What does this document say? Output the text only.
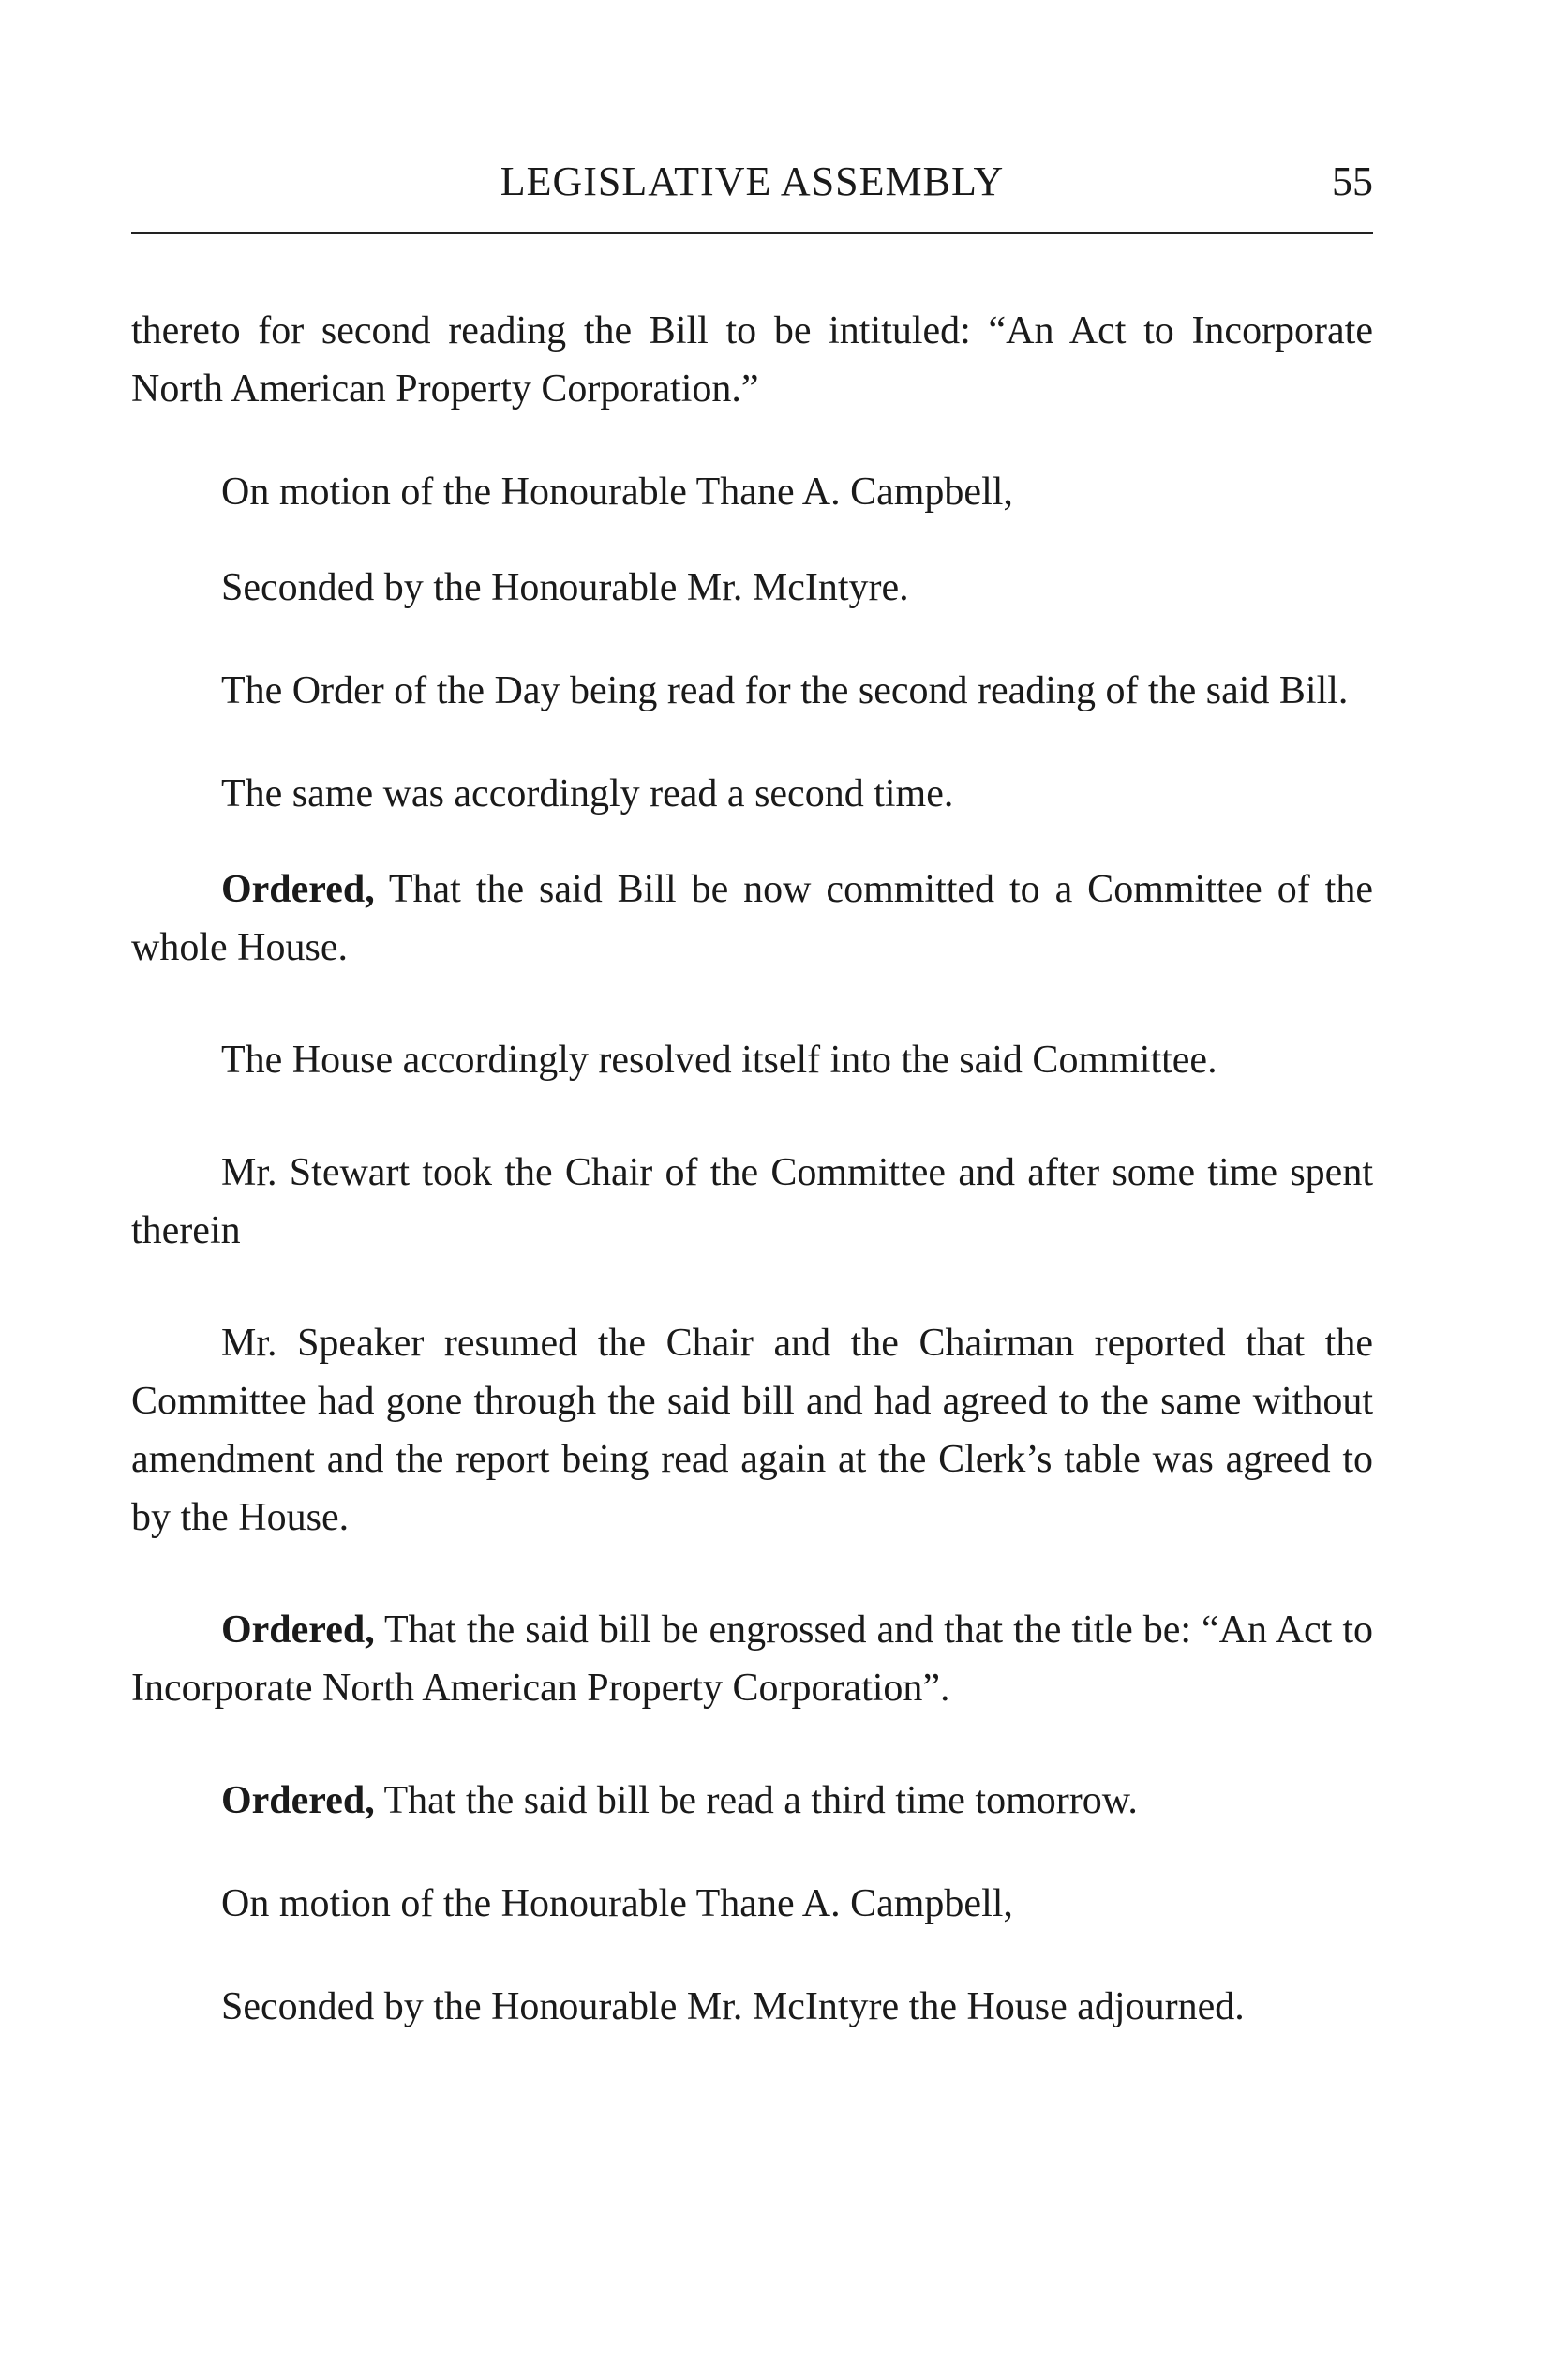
LEGISLATIVE ASSEMBLY	55

thereto for second reading the Bill to be intituled: “An Act to Incorporate North American Property Corporation.”

On motion of the Honourable Thane A. Campbell,

Seconded by the Honourable Mr. McIntyre.

The Order of the Day being read for the second reading of the said Bill.

The same was accordingly read a second time.

Ordered, That the said Bill be now committed to a Committee of the whole House.

The House accordingly resolved itself into the said Committee.

Mr. Stewart took the Chair of the Committee and after some time spent therein

Mr. Speaker resumed the Chair and the Chairman reported that the Committee had gone through the said bill and had agreed to the same without amendment and the report being read again at the Clerk’s table was agreed to by the House.

Ordered, That the said bill be engrossed and that the title be: “An Act to Incorporate North American Property Corporation”.

Ordered, That the said bill be read a third time tomorrow.

On motion of the Honourable Thane A. Campbell,

Seconded by the Honourable Mr. McIntyre the House adjourned.
